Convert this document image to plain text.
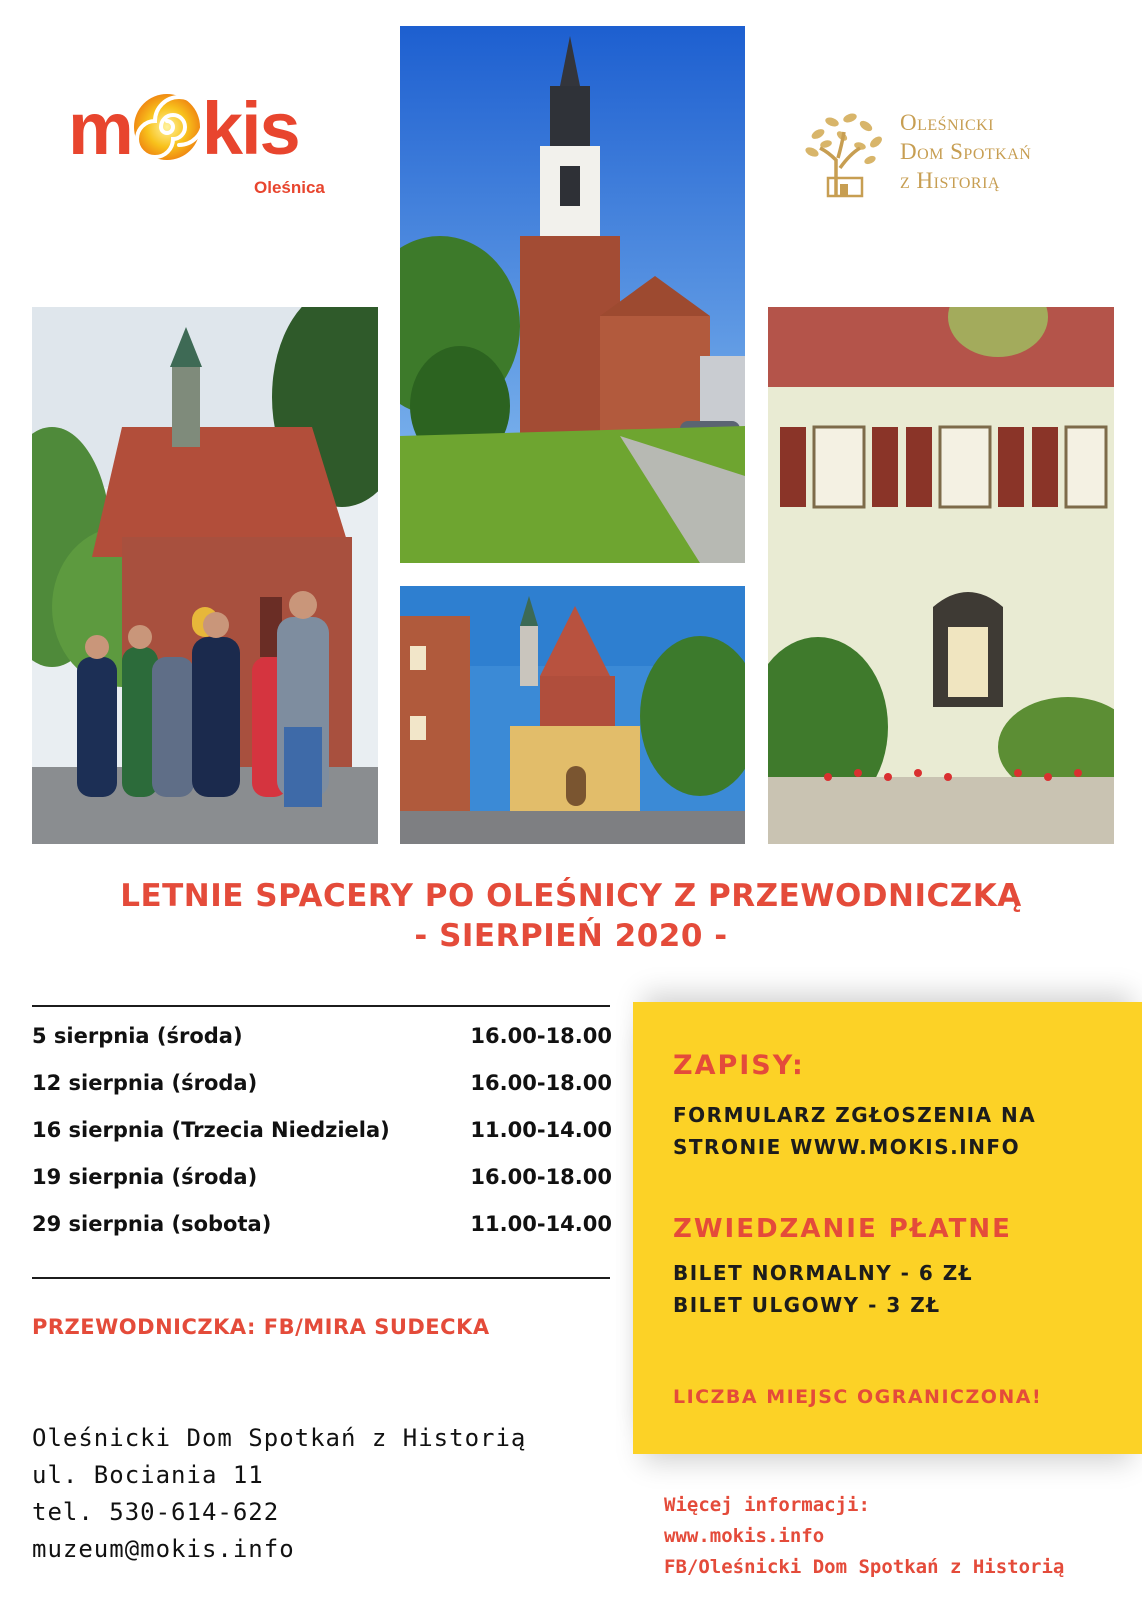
m kis
Oleśnica
Oleśnicki
Dom Spotkań
z Historią
LETNIE SPACERY PO OLEŚNICY Z PRZEWODNICZKĄ
- SIERPIEŃ 2020 -
5 sierpnia (środa)	16.00-18.00
12 sierpnia (środa)	16.00-18.00
16 sierpnia (Trzecia Niedziela)	11.00-14.00
19 sierpnia (środa)	16.00-18.00
29 sierpnia (sobota)	11.00-14.00
PRZEWODNICZKA: FB/MIRA SUDECKA
Oleśnicki Dom Spotkań z Historią
ul. Bociania 11
tel. 530-614-622
muzeum@mokis.info
ZAPISY:
FORMULARZ ZGŁOSZENIA NA
STRONIE WWW.MOKIS.INFO
ZWIEDZANIE PŁATNE
BILET NORMALNY - 6 ZŁ
BILET ULGOWY - 3 ZŁ
LICZBA MIEJSC OGRANICZONA!
Więcej informacji:
www.mokis.info
FB/Oleśnicki Dom Spotkań z Historią
